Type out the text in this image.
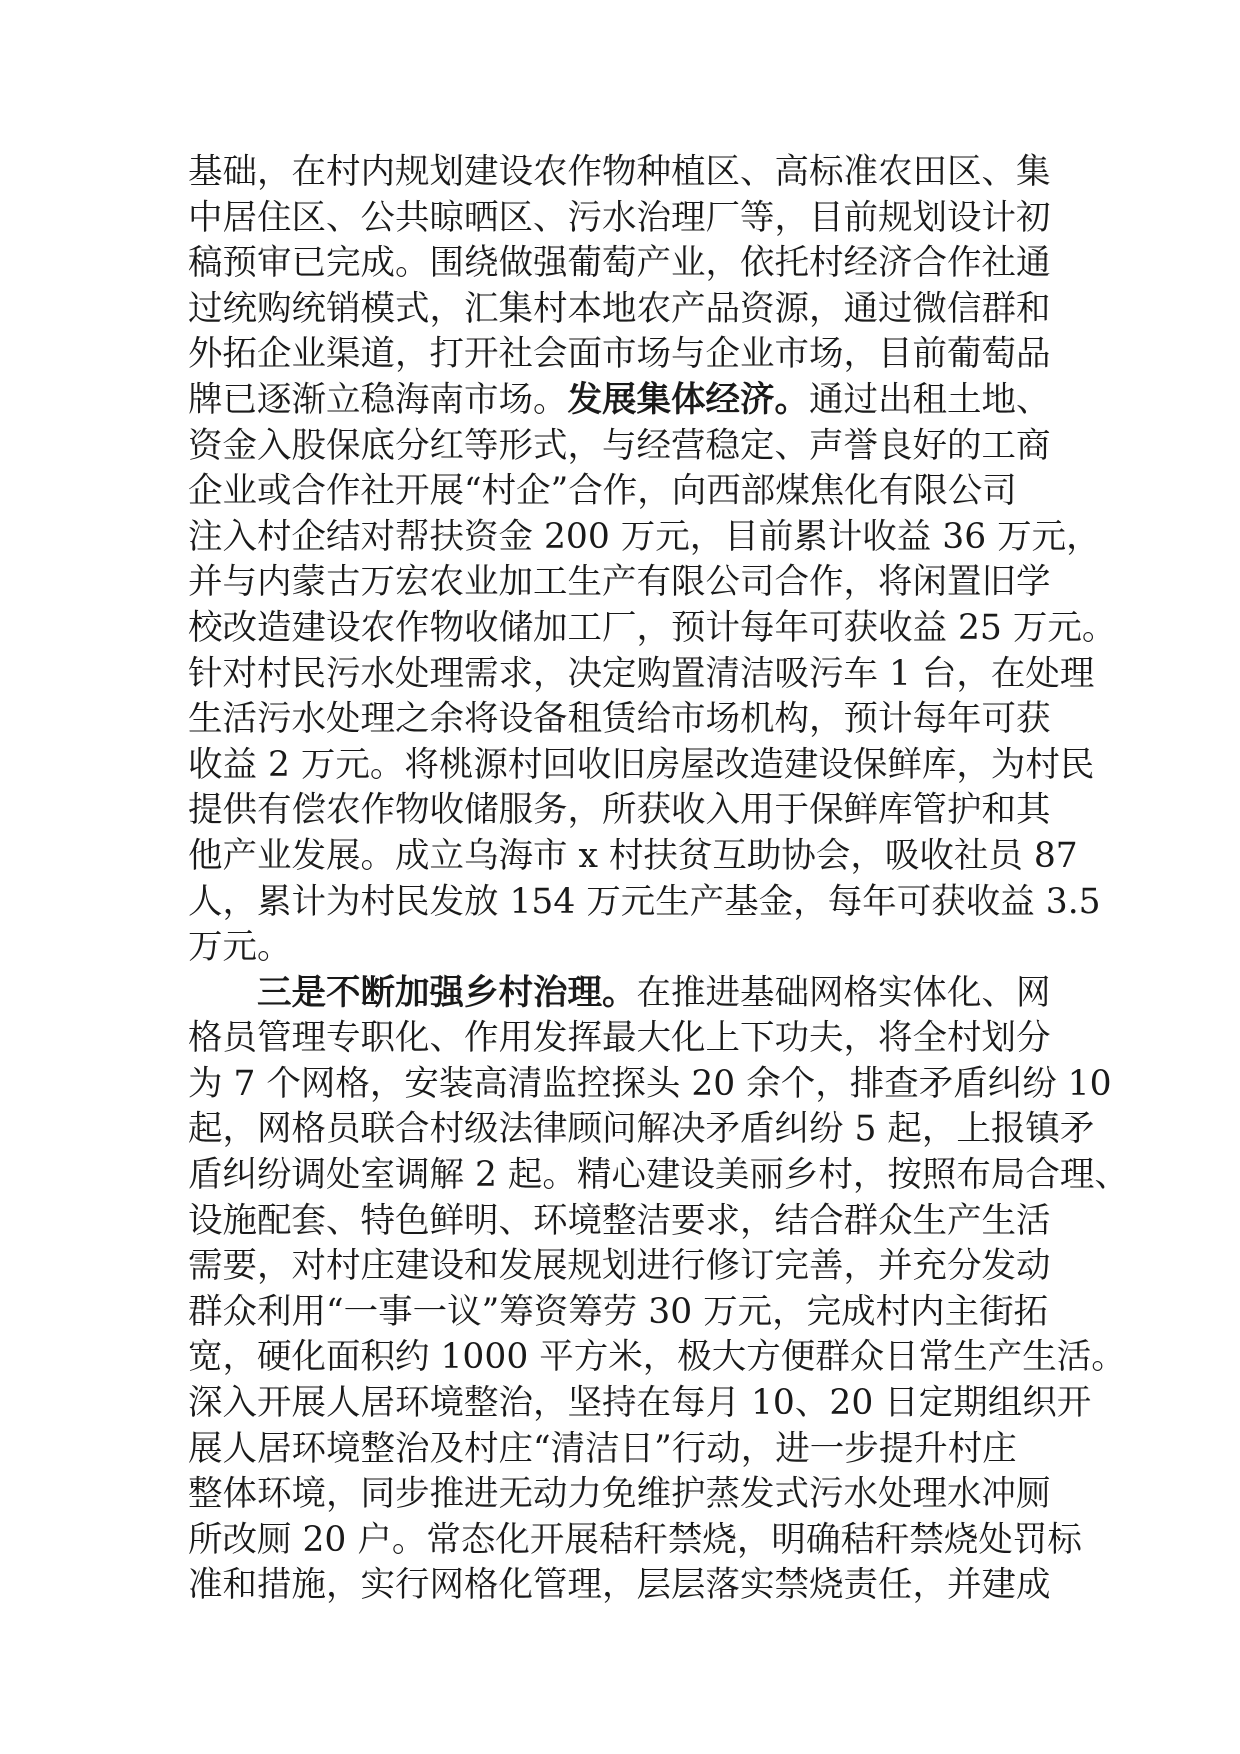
基础，在村内规划建设农作物种植区、高标准农田区、集
中居住区、公共晾晒区、污水治理厂等，目前规划设计初
稿预审已完成。围绕做强葡萄产业，依托村经济合作社通
过统购统销模式，汇集村本地农产品资源，通过微信群和
外拓企业渠道，打开社会面市场与企业市场，目前葡萄品
牌已逐渐立稳海南市场。发展集体经济。通过出租土地、
资金入股保底分红等形式，与经营稳定、声誉良好的工商
企业或合作社开展“村企”合作，向西部煤焦化有限公司
注入村企结对帮扶资金 200 万元，目前累计收益 36 万元，
并与内蒙古万宏农业加工生产有限公司合作，将闲置旧学
校改造建设农作物收储加工厂，预计每年可获收益 25 万元。
针对村民污水处理需求，决定购置清洁吸污车 1 台，在处理
生活污水处理之余将设备租赁给市场机构，预计每年可获
收益 2 万元。将桃源村回收旧房屋改造建设保鲜库，为村民
提供有偿农作物收储服务，所获收入用于保鲜库管护和其
他产业发展。成立乌海市 x 村扶贫互助协会，吸收社员 87
人，累计为村民发放 154 万元生产基金，每年可获收益 3.5
万元。
三是不断加强乡村治理。在推进基础网格实体化、网
格员管理专职化、作用发挥最大化上下功夫，将全村划分
为 7 个网格，安装高清监控探头 20 余个，排查矛盾纠纷 10
起，网格员联合村级法律顾问解决矛盾纠纷 5 起，上报镇矛
盾纠纷调处室调解 2 起。精心建设美丽乡村，按照布局合理、
设施配套、特色鲜明、环境整洁要求，结合群众生产生活
需要，对村庄建设和发展规划进行修订完善，并充分发动
群众利用“一事一议”筹资筹劳 30 万元，完成村内主街拓
宽，硬化面积约 1000 平方米，极大方便群众日常生产生活。
深入开展人居环境整治，坚持在每月 10、20 日定期组织开
展人居环境整治及村庄“清洁日”行动，进一步提升村庄
整体环境，同步推进无动力免维护蒸发式污水处理水冲厕
所改厕 20 户。常态化开展秸秆禁烧，明确秸秆禁烧处罚标
准和措施，实行网格化管理，层层落实禁烧责任，并建成
